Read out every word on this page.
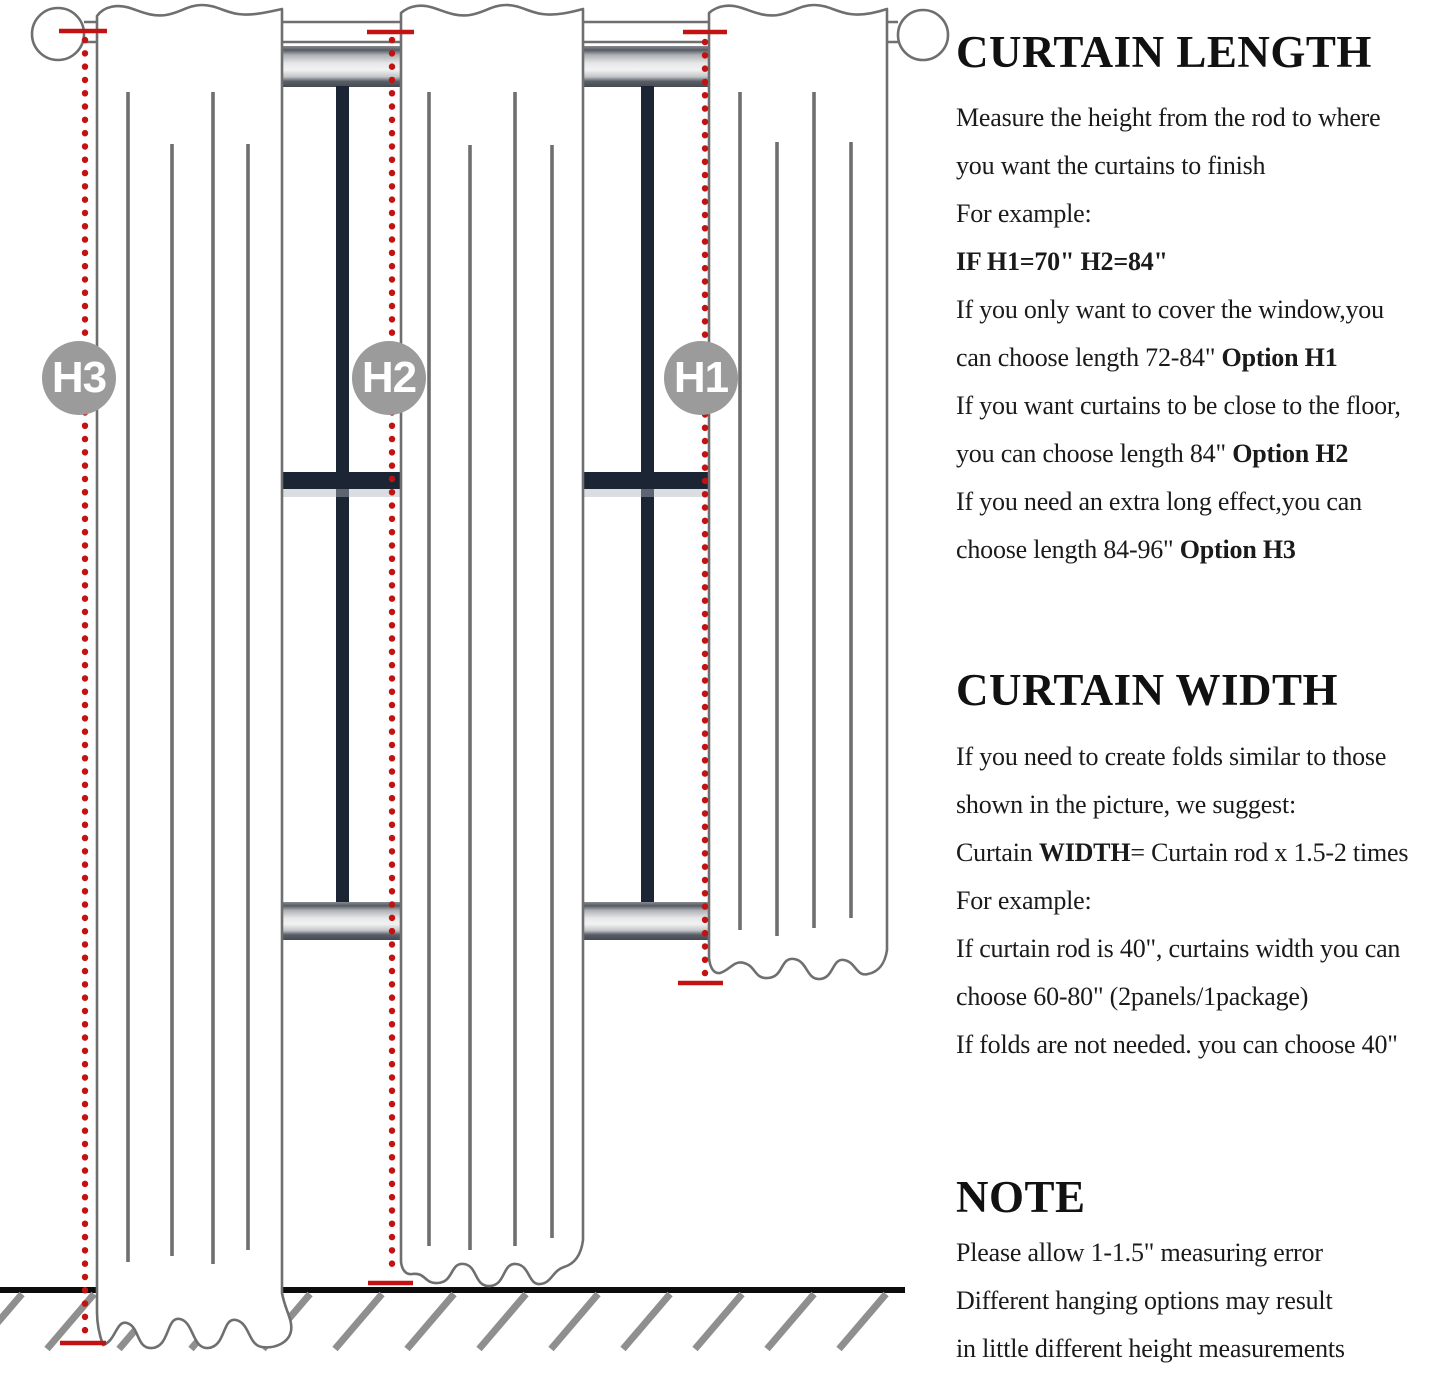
H3	H2	H1
CURTAIN LENGTH
Measure the height from the rod to where
you want the curtains to finish
For example:
IF H1=70" H2=84"
If you only want to cover the window,you
can choose length 72-84" Option H1
If you want curtains to be close to the floor,
you can choose length 84" Option H2
If you need an extra long effect,you can
choose length 84-96" Option H3
CURTAIN WIDTH
If you need to create folds similar to those
shown in the picture, we suggest:
Curtain WIDTH= Curtain rod x 1.5-2 times
For example:
If curtain rod is 40", curtains width you can
choose 60-80" (2panels/1package)
If folds are not needed. you can choose 40"
NOTE
Please allow 1-1.5" measuring error
Different hanging options may result
in little different height measurements
